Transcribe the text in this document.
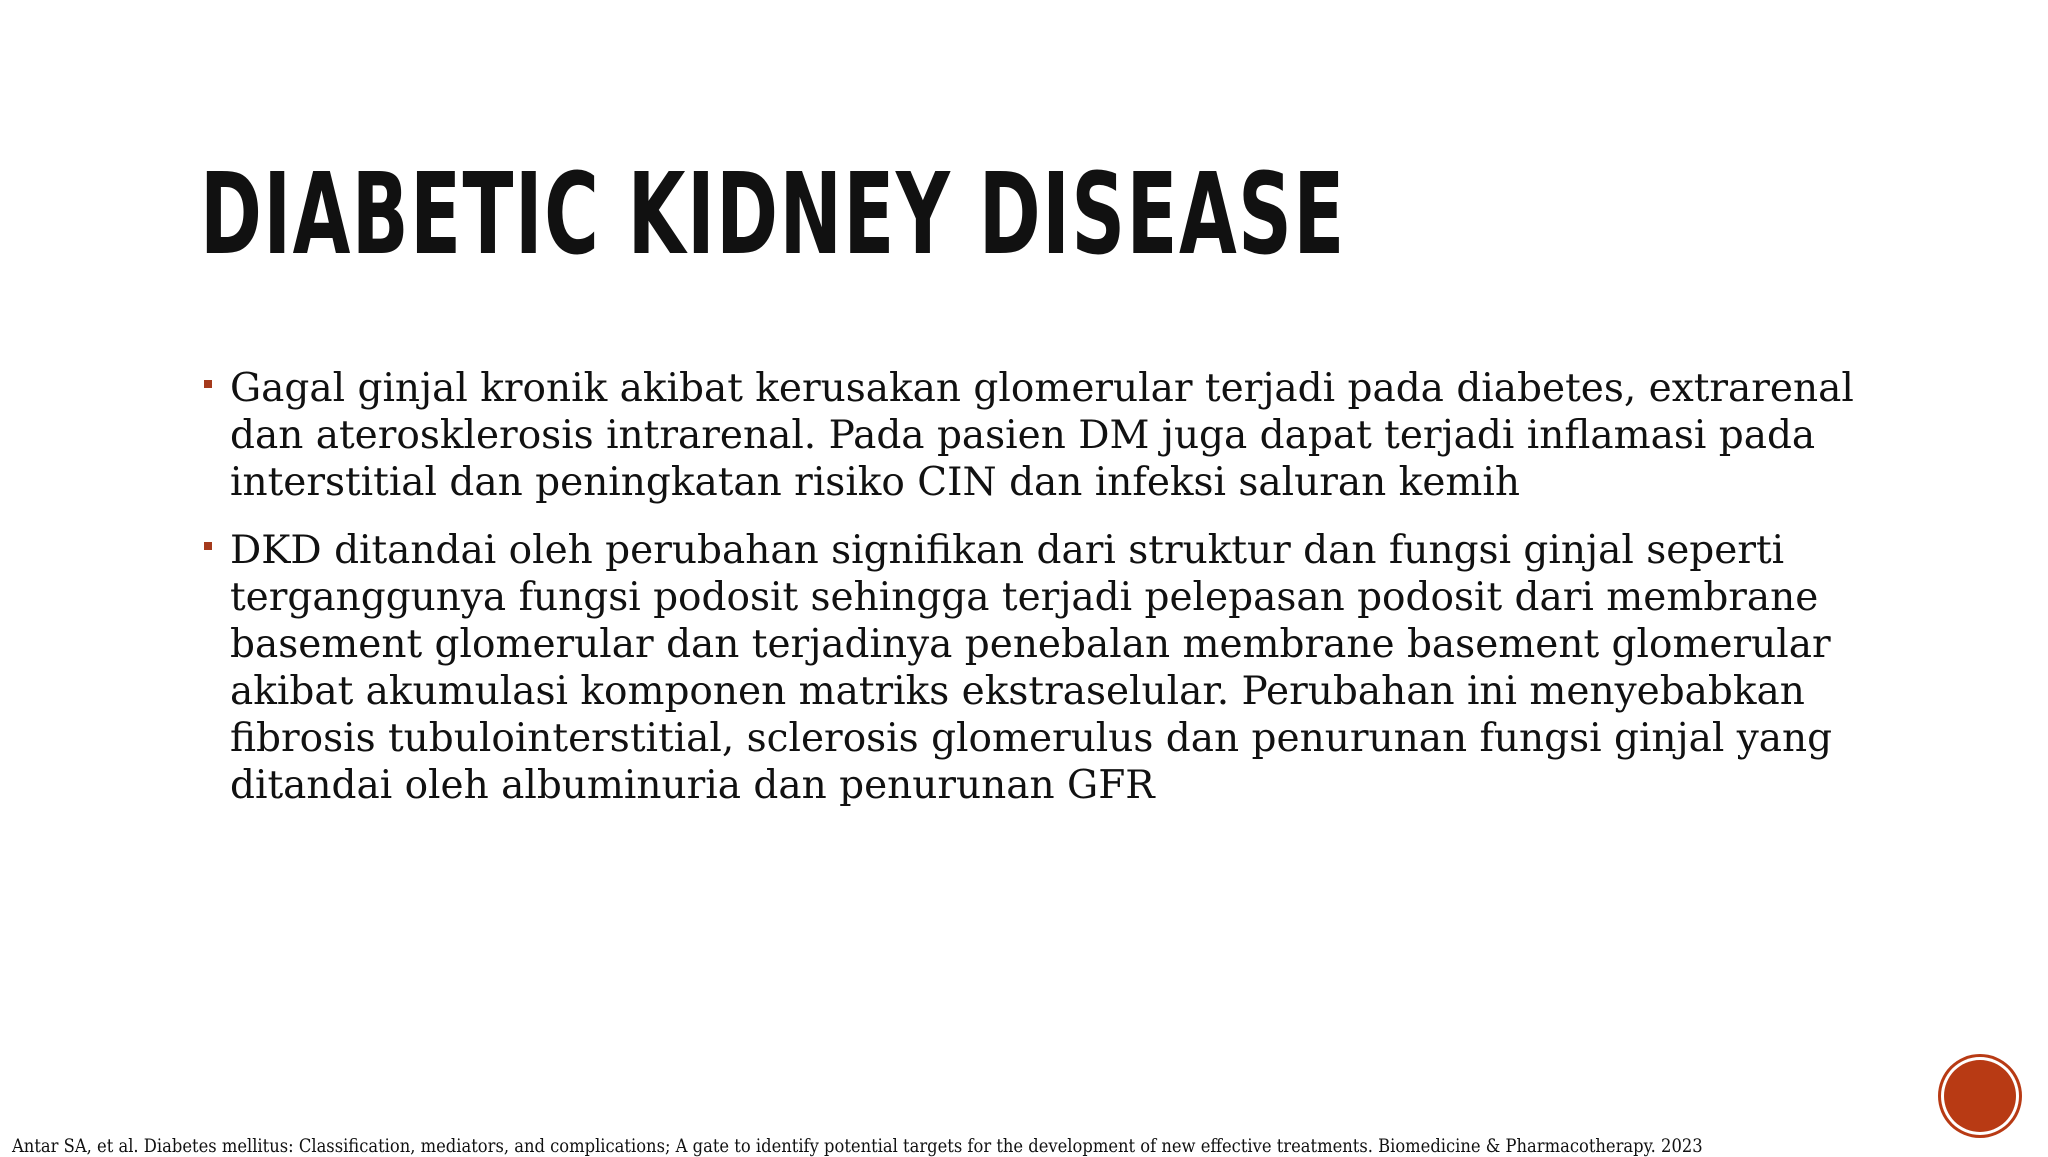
DIABETIC KIDNEY DISEASE
Gagal ginjal kronik akibat kerusakan glomerular terjadi pada diabetes, extrarenal dan aterosklerosis intrarenal. Pada pasien DM juga dapat terjadi inflamasi pada interstitial dan peningkatan risiko CIN dan infeksi saluran kemih
DKD ditandai oleh perubahan signifikan dari struktur dan fungsi ginjal seperti terganggunya fungsi podosit sehingga terjadi pelepasan podosit dari membrane basement glomerular dan terjadinya penebalan membrane basement glomerular akibat akumulasi komponen matriks ekstraselular. Perubahan ini menyebabkan fibrosis tubulointerstitial, sclerosis glomerulus dan penurunan fungsi ginjal yang ditandai oleh albuminuria dan penurunan GFR

Antar SA, et al. Diabetes mellitus: Classification, mediators, and complications; A gate to identify potential targets for the development of new effective treatments. Biomedicine & Pharmacotherapy. 2023
